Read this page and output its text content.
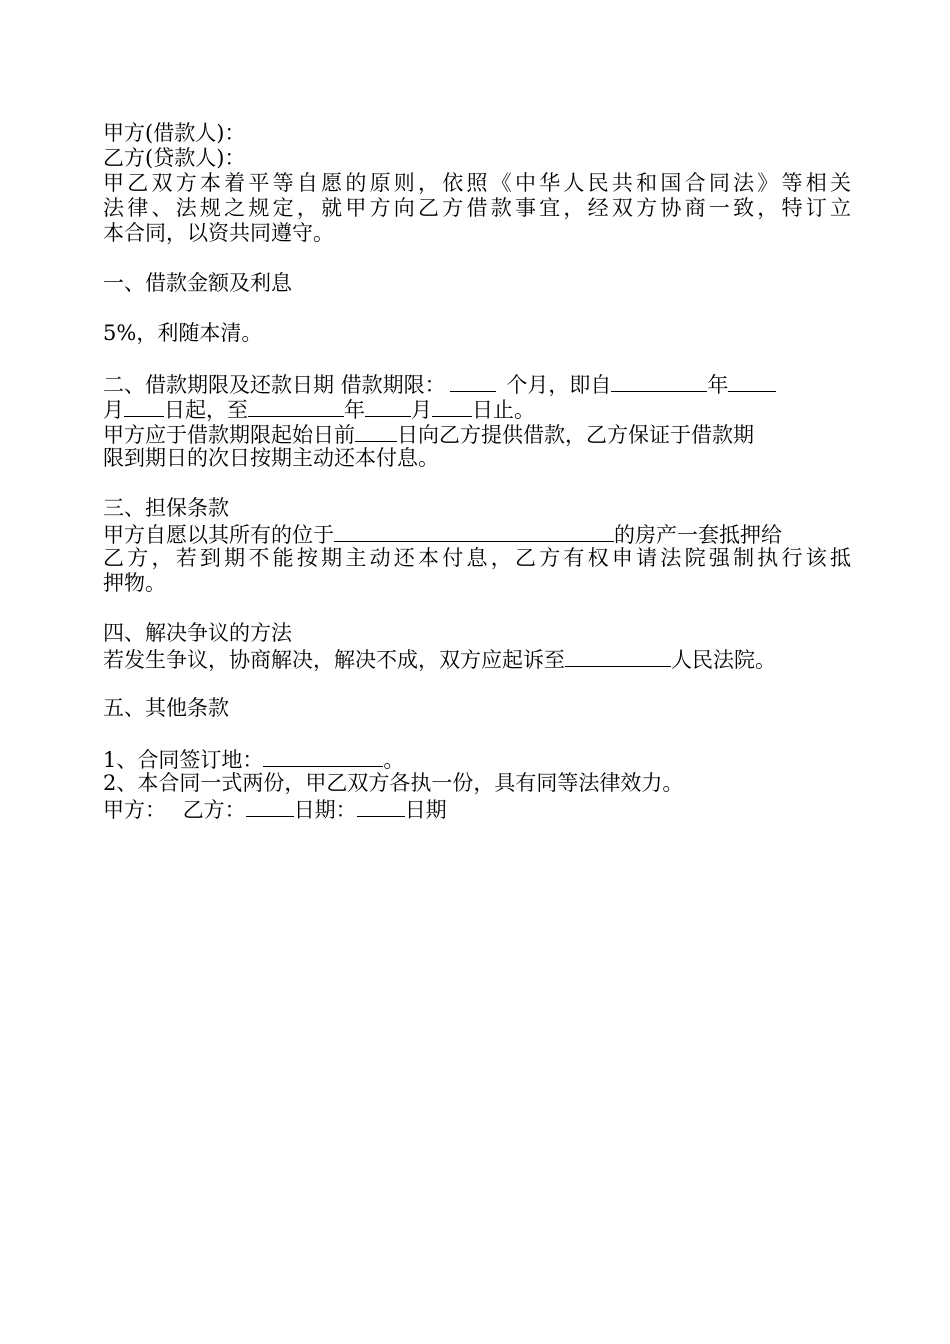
甲方(借款人)：
乙方(贷款人)：
甲乙双方本着平等自愿的原则，依照《中华人民共和国合同法》等相关
法律、法规之规定，就甲方向乙方借款事宜，经双方协商一致，特订立
本合同，以资共同遵守。
一、借款金额及利息

5%，利随本清。
二、借款期限及还款日期 借款期限：	个月，即自	年
月 日起，至	年 月 日止。
甲方应于借款期限起始日前 日向乙方提供借款，乙方保证于借款期
限到期日的次日按期主动还本付息。
三、担保条款
甲方自愿以其所有的位于	的房产一套抵押给
乙方，若到期不能按期主动还本付息，乙方有权申请法院强制执行该抵
押物。
四、解决争议的方法
若发生争议，协商解决，解决不成，双方应起诉至	人民法院。
五、其他条款
1、合同签订地：	。
2、本合同一式两份，甲乙双方各执一份，具有同等法律效力。
甲方： 乙方： 日期： 日期
